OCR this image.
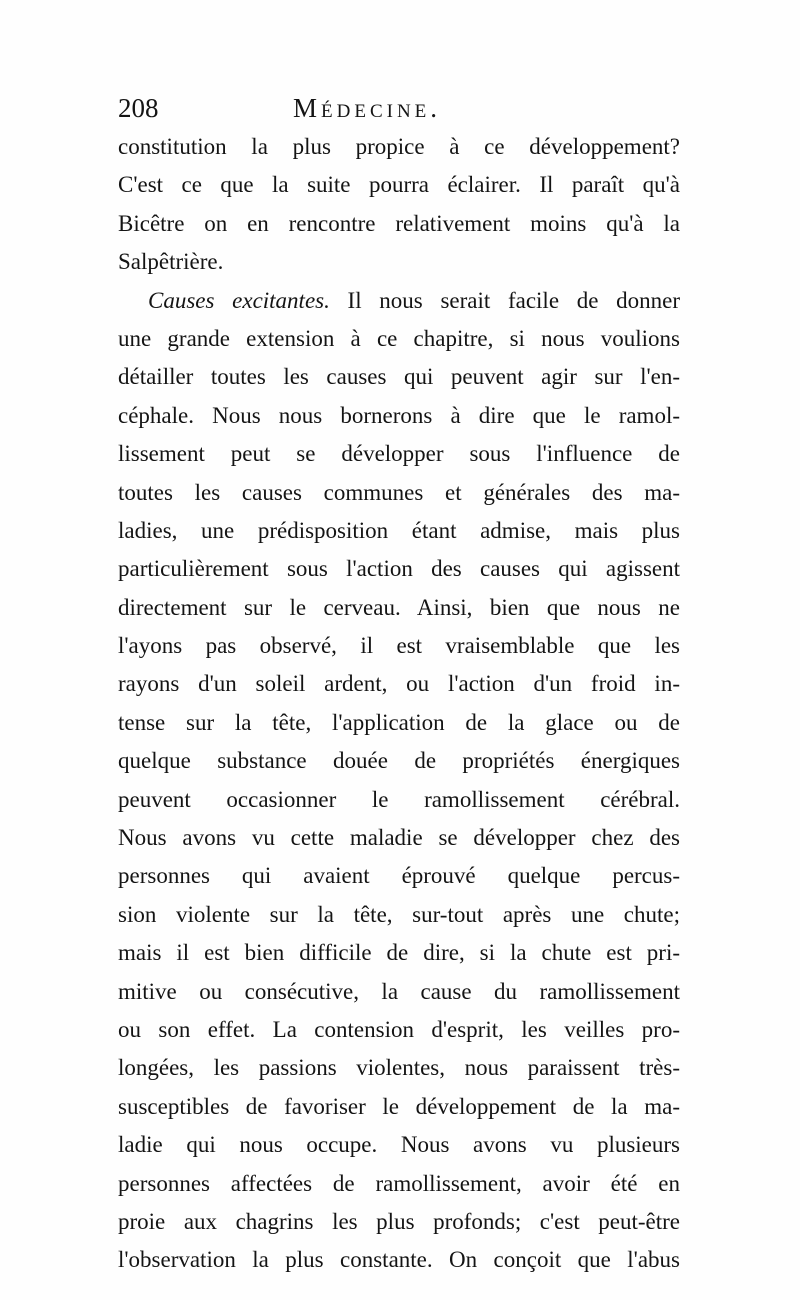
208	Médecine.
constitution la plus propice à ce développement?
C'est ce que la suite pourra éclairer. Il paraît qu'à
Bicêtre on en rencontre relativement moins qu'à la
Salpêtrière.
Causes excitantes. Il nous serait facile de donner
une grande extension à ce chapitre, si nous voulions
détailler toutes les causes qui peuvent agir sur l'en-
céphale. Nous nous bornerons à dire que le ramol-
lissement peut se développer sous l'influence de
toutes les causes communes et générales des ma-
ladies, une prédisposition étant admise, mais plus
particulièrement sous l'action des causes qui agissent
directement sur le cerveau. Ainsi, bien que nous ne
l'ayons pas observé, il est vraisemblable que les
rayons d'un soleil ardent, ou l'action d'un froid in-
tense sur la tête, l'application de la glace ou de
quelque substance douée de propriétés énergiques
peuvent occasionner le ramollissement cérébral.
Nous avons vu cette maladie se développer chez des
personnes qui avaient éprouvé quelque percus-
sion violente sur la tête, sur-tout après une chute;
mais il est bien difficile de dire, si la chute est pri-
mitive ou consécutive, la cause du ramollissement
ou son effet. La contension d'esprit, les veilles pro-
longées, les passions violentes, nous paraissent très-
susceptibles de favoriser le développement de la ma-
ladie qui nous occupe. Nous avons vu plusieurs
personnes affectées de ramollissement, avoir été en
proie aux chagrins les plus profonds; c'est peut-être
l'observation la plus constante. On conçoit que l'abus
